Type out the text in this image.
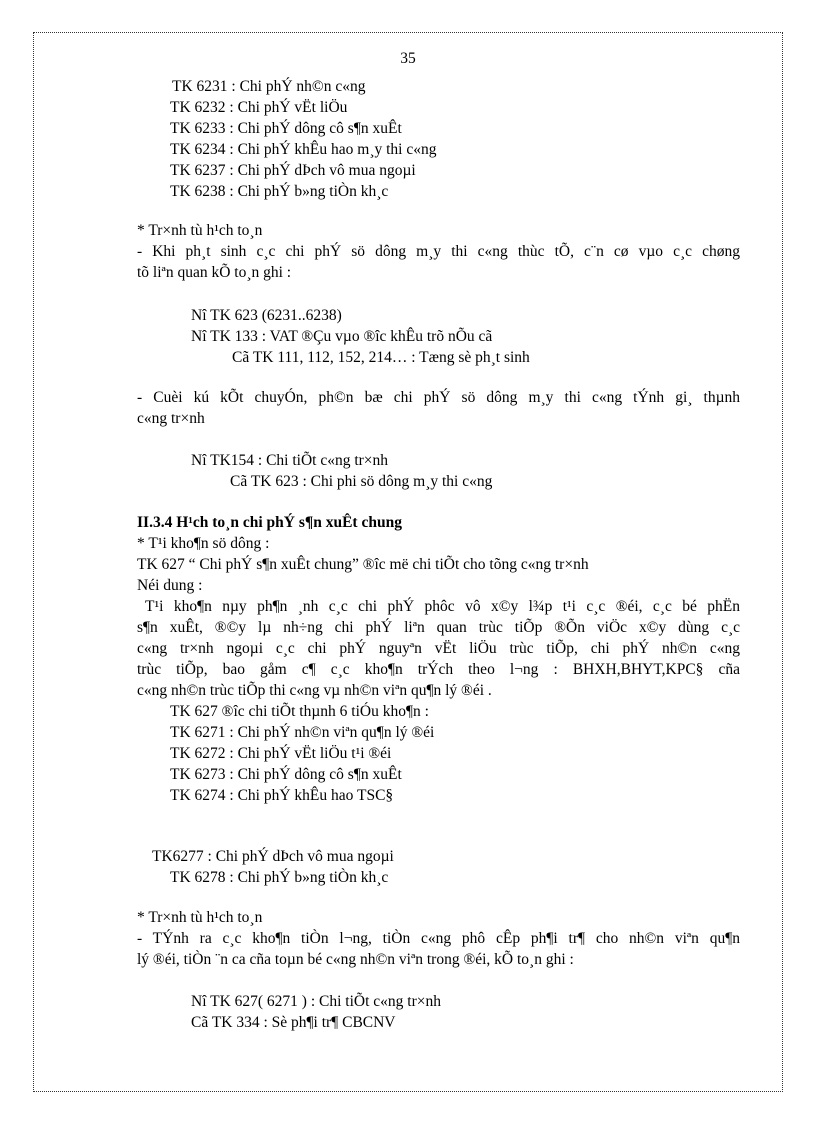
35
TK 6231 : Chi phÝ nh©n c«ng
TK 6232 : Chi phÝ vËt liÖu
TK 6233 : Chi phÝ dông cô s¶n xuÊt
TK 6234 : Chi phÝ khÊu hao m¸y thi c«ng
TK 6237 : Chi phÝ dÞch vô mua ngoµi
TK 6238 : Chi phÝ b»ng tiÒn kh¸c
* Tr×nh tù h¹ch to¸n
- Khi ph¸t sinh c¸c chi phÝ sö dông m¸y thi c«ng thùc tÕ, c¨n cø vµo c¸c chøng
tõ liªn quan kÕ to¸n ghi :
Nî TK 623 (6231..6238)
Nî TK 133 : VAT ®Çu vµo ®îc khÊu trõ nÕu cã
Cã TK 111, 112, 152, 214… : Tæng sè ph¸t sinh
- Cuèi kú kÕt chuyÓn, ph©n bæ chi phÝ sö dông m¸y thi c«ng tÝnh gi¸ thµnh
c«ng tr×nh
Nî TK154 : Chi tiÕt c«ng tr×nh
Cã TK 623 : Chi phi sö dông m¸y thi c«ng
II.3.4 H¹ch to¸n chi phÝ s¶n xuÊt chung
* T¹i kho¶n sö dông :
TK 627 “ Chi phÝ s¶n xuÊt chung” ®îc më chi tiÕt cho tõng c«ng tr×nh
Néi dung :
T¹i kho¶n nµy ph¶n ¸nh c¸c chi phÝ phôc vô x©y l¾p t¹i c¸c ®éi, c¸c bé phËn
s¶n xuÊt, ®©y lµ nh÷ng chi phÝ liªn quan trùc tiÕp ®Õn viÖc x©y dùng c¸c
c«ng tr×nh ngoµi c¸c chi phÝ nguyªn vËt liÖu trùc tiÕp, chi phÝ nh©n c«ng
trùc tiÕp, bao gåm c¶ c¸c kho¶n trÝch theo l¬ng : BHXH,BHYT,KPC§ cña
c«ng nh©n trùc tiÕp thi c«ng vµ nh©n viªn qu¶n lý ®éi .
TK 627 ®îc chi tiÕt thµnh 6 tiÓu kho¶n :
TK 6271 : Chi phÝ nh©n viªn qu¶n lý ®éi
TK 6272 : Chi phÝ vËt liÖu t¹i ®éi
TK 6273 : Chi phÝ dông cô s¶n xuÊt
TK 6274 : Chi phÝ khÊu hao TSC§
TK6277 : Chi phÝ dÞch vô mua ngoµi
TK 6278 : Chi phÝ b»ng tiÒn kh¸c
* Tr×nh tù h¹ch to¸n
- TÝnh ra c¸c kho¶n tiÒn l¬ng, tiÒn c«ng phô cÊp ph¶i tr¶ cho nh©n viªn qu¶n
lý ®éi, tiÒn ¨n ca cña toµn bé c«ng nh©n viªn trong ®éi, kÕ to¸n ghi :
Nî TK 627( 6271 ) : Chi tiÕt c«ng tr×nh
Cã TK 334 : Sè ph¶i tr¶ CBCNV
